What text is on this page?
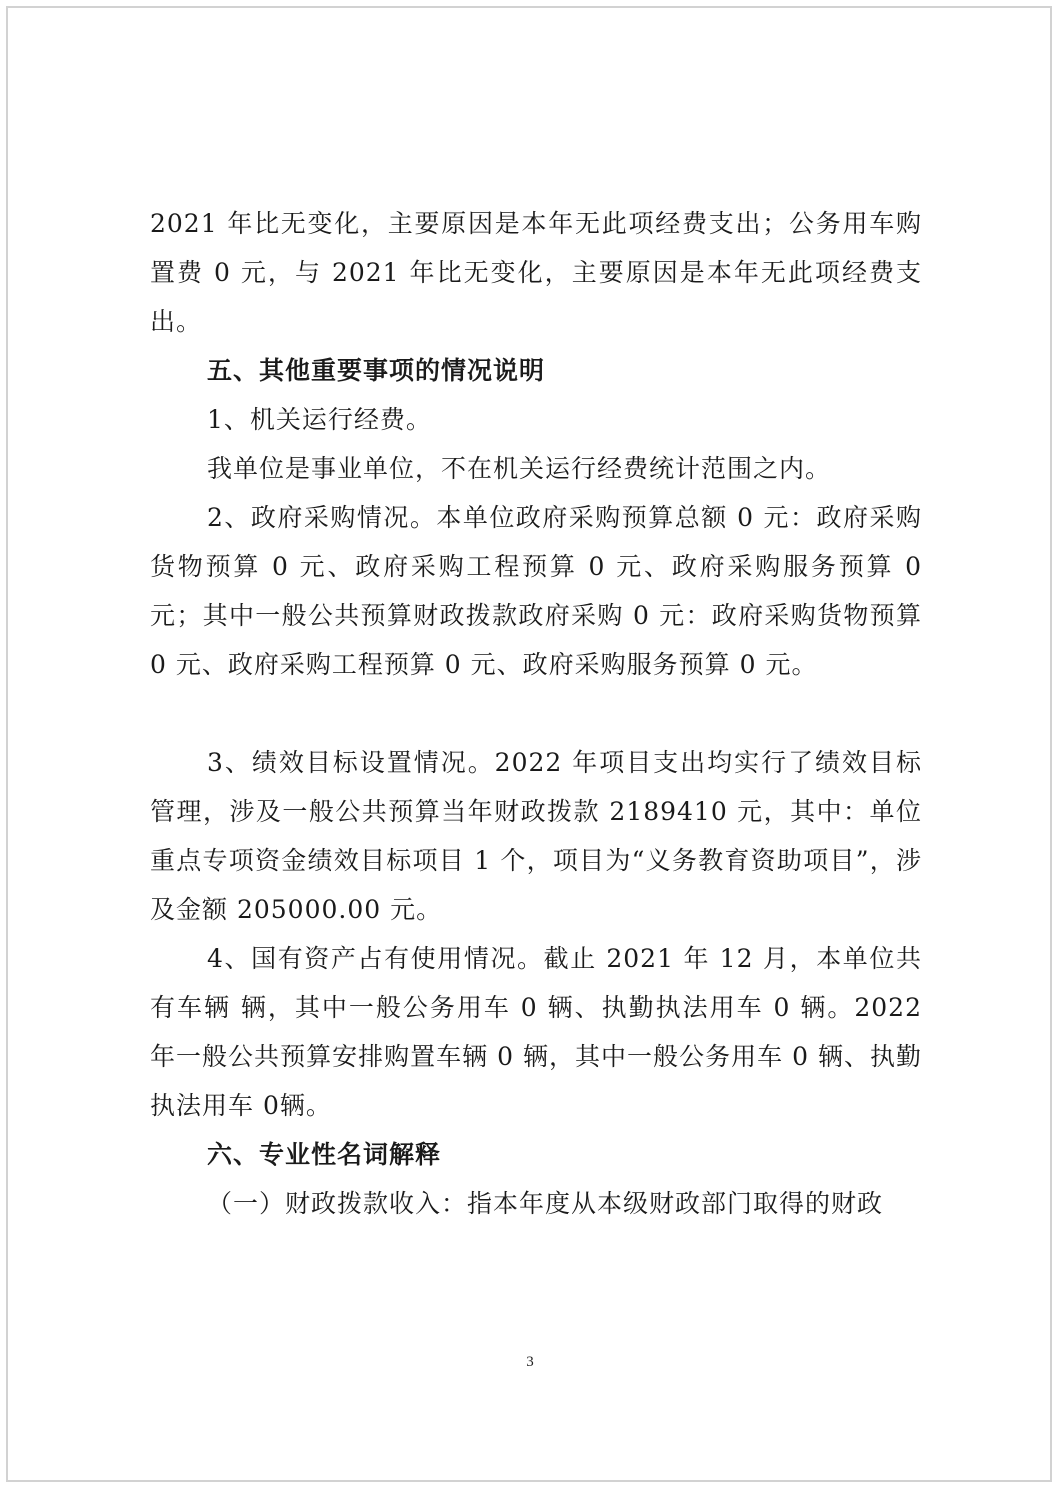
2021 年比无变化，主要原因是本年无此项经费支出；公务用车购置费 0 元，与 2021 年比无变化，主要原因是本年无此项经费支出。

五、其他重要事项的情况说明

1、机关运行经费。

我单位是事业单位，不在机关运行经费统计范围之内。

2、政府采购情况。本单位政府采购预算总额 0 元：政府采购货物预算 0 元、政府采购工程预算 0 元、政府采购服务预算 0 元；其中一般公共预算财政拨款政府采购 0 元：政府采购货物预算 0 元、政府采购工程预算 0 元、政府采购服务预算 0 元。

3、绩效目标设置情况。2022 年项目支出均实行了绩效目标管理，涉及一般公共预算当年财政拨款 2189410 元，其中：单位重点专项资金绩效目标项目 1 个，项目为“义务教育资助项目”，涉及金额 205000.00 元。

4、国有资产占有使用情况。截止 2021 年 12 月，本单位共有车辆 辆，其中一般公务用车 0 辆、执勤执法用车 0 辆。2022 年一般公共预算安排购置车辆 0 辆，其中一般公务用车 0 辆、执勤执法用车 0辆。

六、专业性名词解释

（一）财政拨款收入：指本年度从本级财政部门取得的财政

3
